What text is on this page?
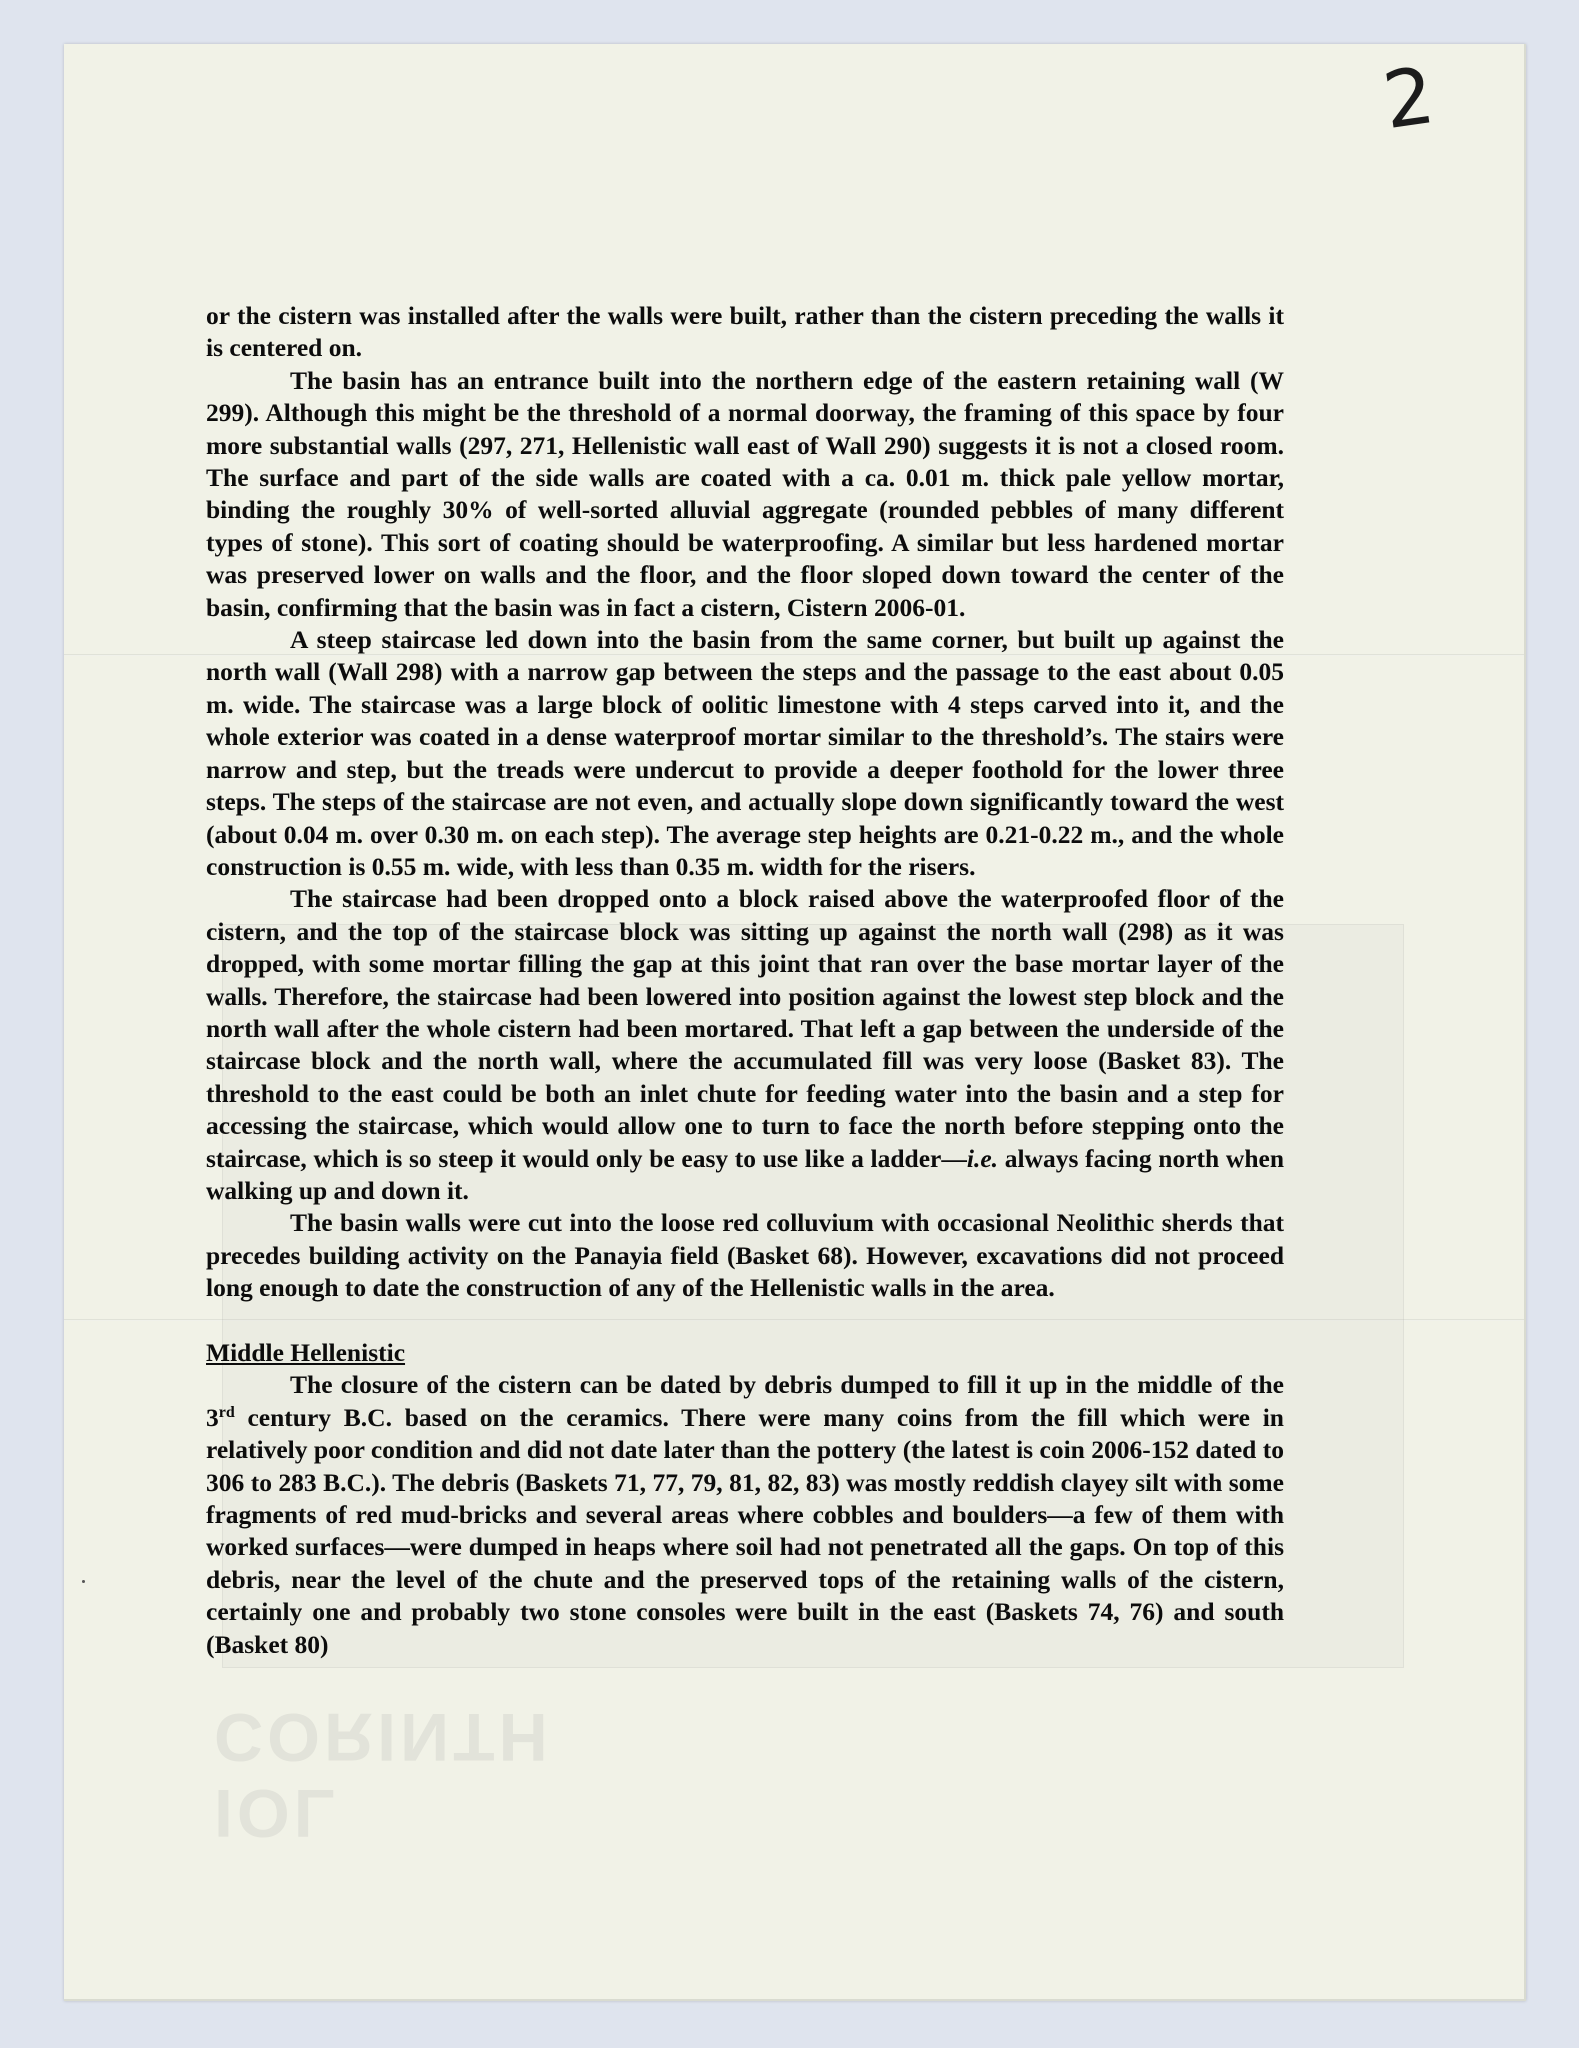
IOL
CORINTH

2

or the cistern was installed after the walls were built, rather than the cistern preceding the walls it is centered on.

The basin has an entrance built into the northern edge of the eastern retaining wall (W 299). Although this might be the threshold of a normal doorway, the framing of this space by four more substantial walls (297, 271, Hellenistic wall east of Wall 290) suggests it is not a closed room. The surface and part of the side walls are coated with a ca. 0.01 m. thick pale yellow mortar, binding the roughly 30% of well-sorted alluvial aggregate (rounded pebbles of many different types of stone). This sort of coating should be waterproofing. A similar but less hardened mortar was preserved lower on walls and the floor, and the floor sloped down toward the center of the basin, confirming that the basin was in fact a cistern, Cistern 2006-01.

A steep staircase led down into the basin from the same corner, but built up against the north wall (Wall 298) with a narrow gap between the steps and the passage to the east about 0.05 m. wide. The staircase was a large block of oolitic limestone with 4 steps carved into it, and the whole exterior was coated in a dense waterproof mortar similar to the threshold’s. The stairs were narrow and step, but the treads were undercut to provide a deeper foothold for the lower three steps. The steps of the staircase are not even, and actually slope down significantly toward the west (about 0.04 m. over 0.30 m. on each step). The average step heights are 0.21-0.22 m., and the whole construction is 0.55 m. wide, with less than 0.35 m. width for the risers.

The staircase had been dropped onto a block raised above the waterproofed floor of the cistern, and the top of the staircase block was sitting up against the north wall (298) as it was dropped, with some mortar filling the gap at this joint that ran over the base mortar layer of the walls. Therefore, the staircase had been lowered into position against the lowest step block and the north wall after the whole cistern had been mortared. That left a gap between the underside of the staircase block and the north wall, where the accumulated fill was very loose (Basket 83). The threshold to the east could be both an inlet chute for feeding water into the basin and a step for accessing the staircase, which would allow one to turn to face the north before stepping onto the staircase, which is so steep it would only be easy to use like a ladder—i.e. always facing north when walking up and down it.

The basin walls were cut into the loose red colluvium with occasional Neolithic sherds that precedes building activity on the Panayia field (Basket 68). However, excavations did not proceed long enough to date the construction of any of the Hellenistic walls in the area.

Middle Hellenistic

The closure of the cistern can be dated by debris dumped to fill it up in the middle of the 3rd century B.C. based on the ceramics. There were many coins from the fill which were in relatively poor condition and did not date later than the pottery (the latest is coin 2006-152 dated to 306 to 283 B.C.). The debris (Baskets 71, 77, 79, 81, 82, 83) was mostly reddish clayey silt with some fragments of red mud-bricks and several areas where cobbles and boulders—a few of them with worked surfaces—were dumped in heaps where soil had not penetrated all the gaps. On top of this debris, near the level of the chute and the preserved tops of the retaining walls of the cistern, certainly one and probably two stone consoles were built in the east (Baskets 74, 76) and south (Basket 80)
